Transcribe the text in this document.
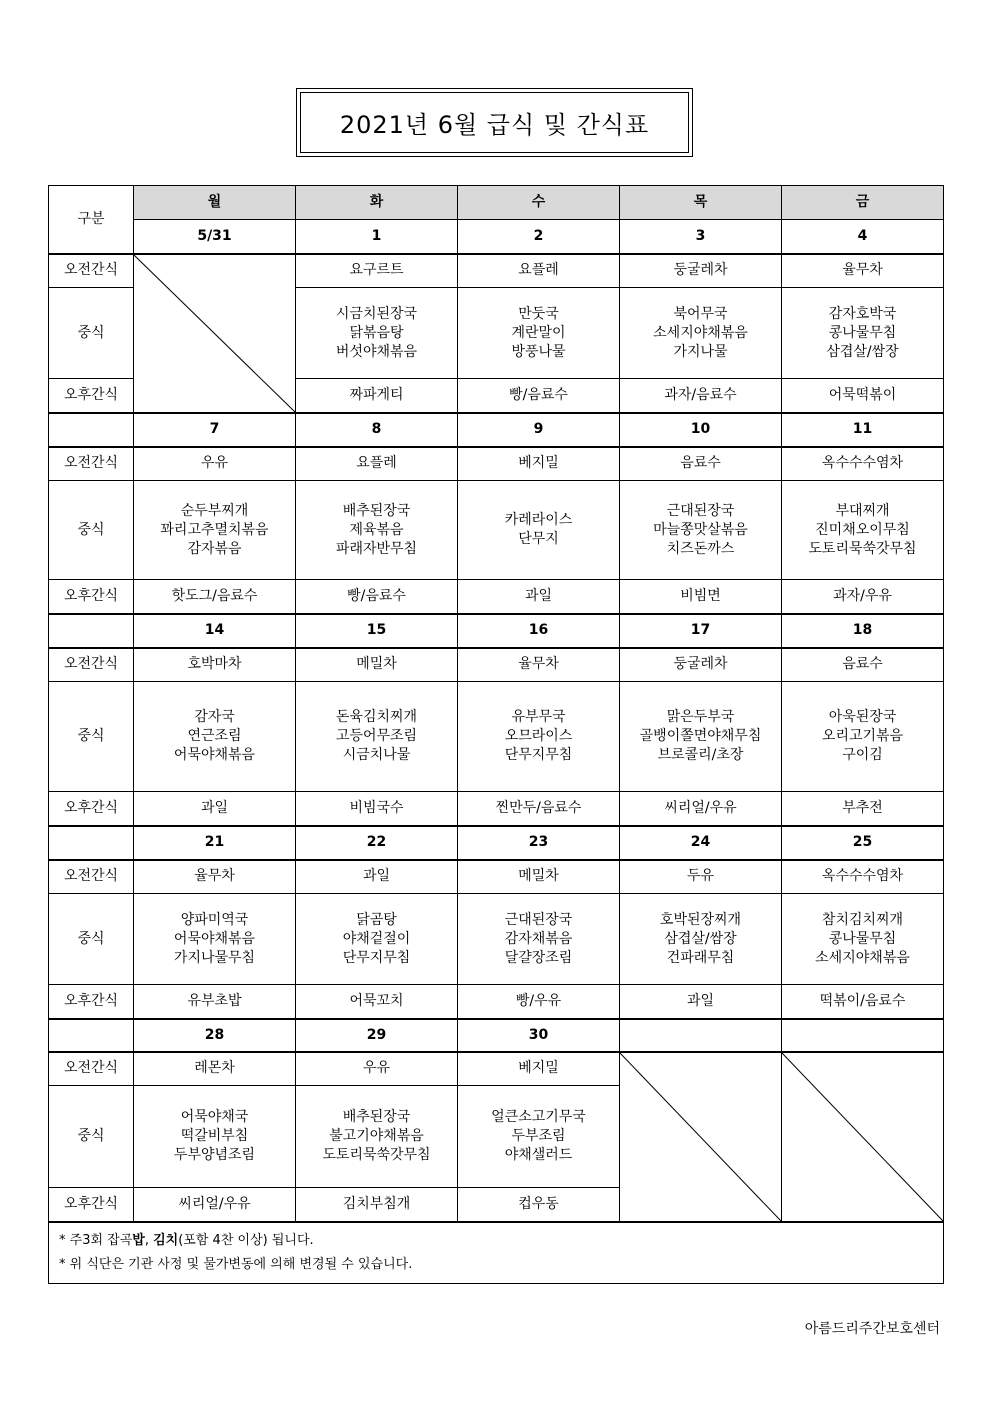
2021년 6월 급식 및 간식표
구분	월	화	수	목	금
	5/31	1	2	3	4
오전간식		요구르트	요플레	둥굴레차	율무차
중식		시금치된장국
닭볶음탕
버섯야채볶음	만둣국
계란말이
방풍나물	북어무국
소세지야채볶음
가지나물	감자호박국
콩나물무침
삼겹살/쌈장

오후간식		짜파게티	빵/음료수	과자/음료수	어묵떡볶이
	7	8	9	10	11
오전간식	우유	요플레	베지밀	음료수	옥수수수염차
중식	순두부찌개
꽈리고추멸치볶음
감자볶음	배추된장국
제육볶음
파래자반무침	카레라이스
단무지	근대된장국
마늘쫑맛살볶음
치즈돈까스	부대찌개
진미채오이무침
도토리묵쑥갓무침

오후간식	핫도그/음료수	빵/음료수	과일	비빔면	과자/우유
	14	15	16	17	18
오전간식	호박마차	메밀차	율무차	둥굴레차	음료수
중식	감자국
연근조림
어묵야채볶음	돈육김치찌개
고등어무조림
시금치나물	유부무국
오므라이스
단무지무침	맑은두부국
골뱅이쫄면야채무침
브로콜리/초장	아욱된장국
오리고기볶음
구이김

오후간식	과일	비빔국수	찐만두/음료수	씨리얼/우유	부추전
	21	22	23	24	25
오전간식	율무차	과일	메밀차	두유	옥수수수염차
중식	양파미역국
어묵야채볶음
가지나물무침	닭곰탕
야채겉절이
단무지무침	근대된장국
감자채볶음
달걀장조림	호박된장찌개
삼겹살/쌈장
건파래무침	참치김치찌개
콩나물무침
소세지야채볶음

오후간식	유부초밥	어묵꼬치	빵/우유	과일	떡볶이/음료수
	28	29	30		
오전간식	레몬차	우유	베지밀		
중식	어묵야채국
떡갈비부침
두부양념조림	배추된장국
불고기야채볶음
도토리묵쑥갓무침	얼큰소고기무국
두부조림
야채샐러드		

오후간식	씨리얼/우유	김치부침개	컵우동		

* 주3회 잡곡밥, 김치(포함 4찬 이상) 됩니다.
* 위 식단은 기관 사정 및 물가변동에 의해 변경될 수 있습니다.					
아름드리주간보호센터
